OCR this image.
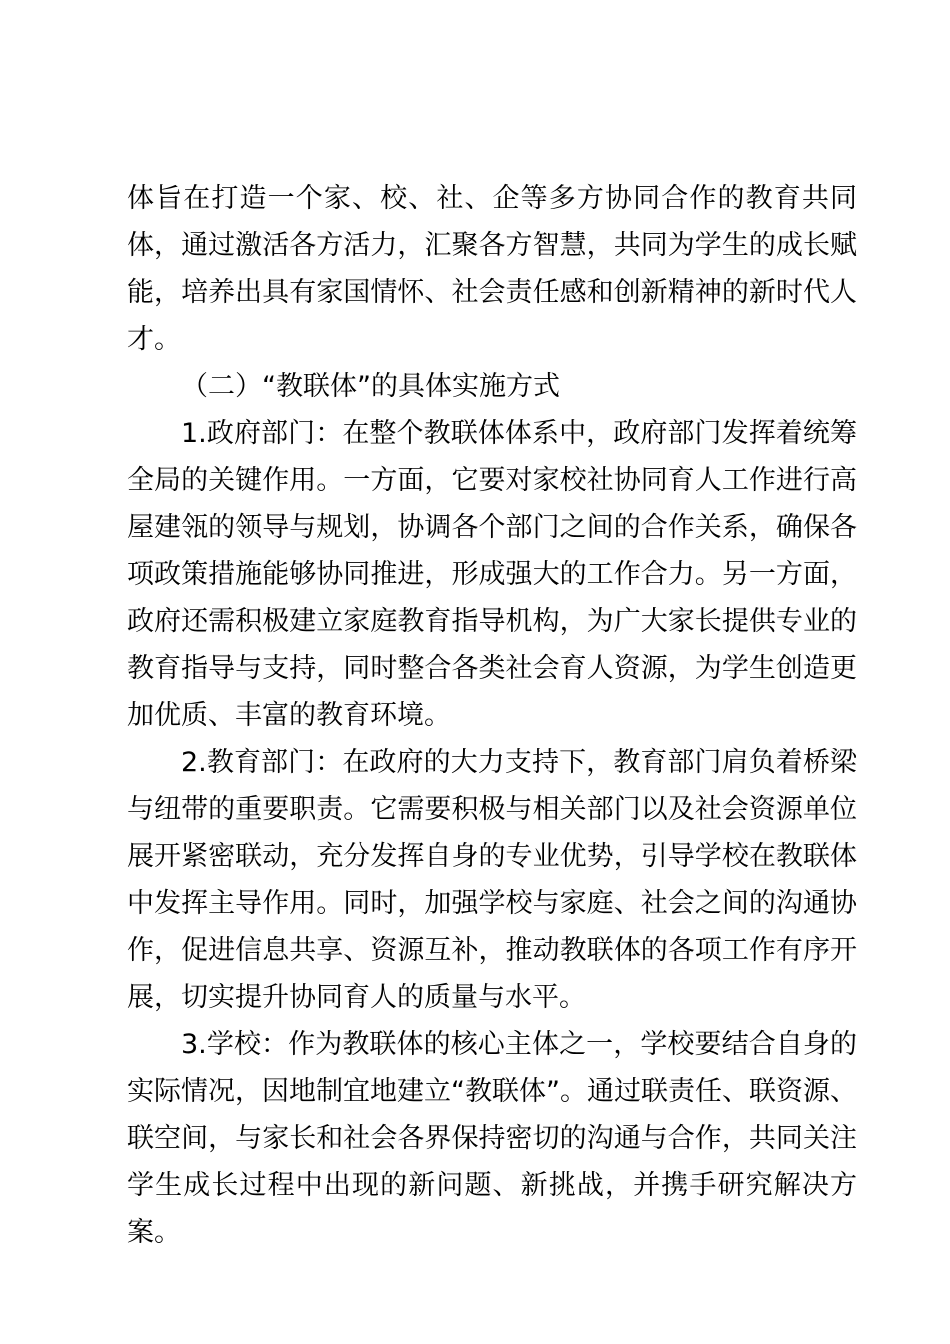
体旨在打造一个家、校、社、企等多方协同合作的教育共同体，通过激活各方活力，汇聚各方智慧，共同为学生的成长赋能，培养出具有家国情怀、社会责任感和创新精神的新时代人才。

（二）“教联体”的具体实施方式

1.政府部门：在整个教联体体系中，政府部门发挥着统筹全局的关键作用。一方面，它要对家校社协同育人工作进行高屋建瓴的领导与规划，协调各个部门之间的合作关系，确保各项政策措施能够协同推进，形成强大的工作合力。另一方面，政府还需积极建立家庭教育指导机构，为广大家长提供专业的教育指导与支持，同时整合各类社会育人资源，为学生创造更加优质、丰富的教育环境。

2.教育部门：在政府的大力支持下，教育部门肩负着桥梁与纽带的重要职责。它需要积极与相关部门以及社会资源单位展开紧密联动，充分发挥自身的专业优势，引导学校在教联体中发挥主导作用。同时，加强学校与家庭、社会之间的沟通协作，促进信息共享、资源互补，推动教联体的各项工作有序开展，切实提升协同育人的质量与水平。

3.学校：作为教联体的核心主体之一，学校要结合自身的实际情况，因地制宜地建立“教联体”。通过联责任、联资源、联空间，与家长和社会各界保持密切的沟通与合作，共同关注学生成长过程中出现的新问题、新挑战，并携手研究解决方案。
